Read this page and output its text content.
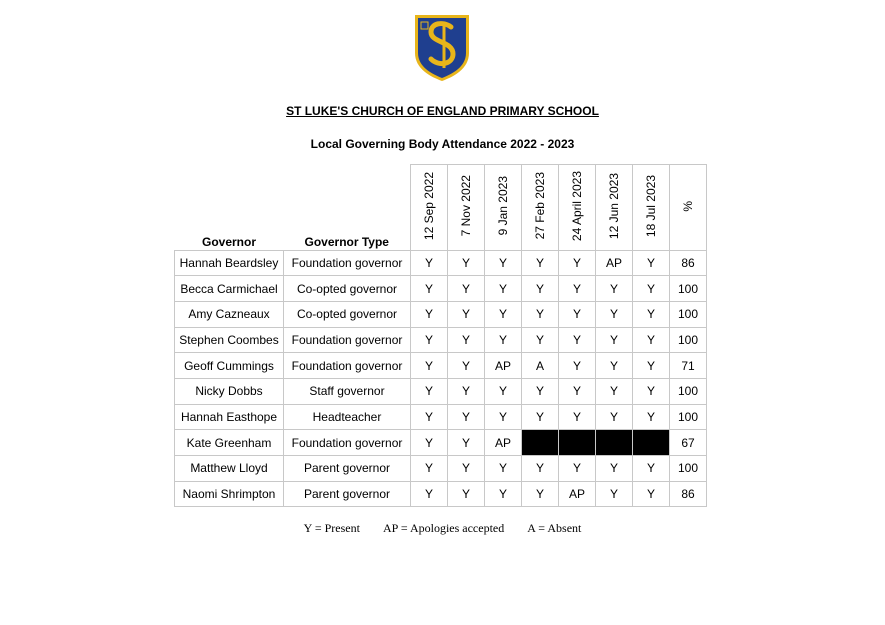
ST LUKE'S CHURCH OF ENGLAND PRIMARY SCHOOL
Local Governing Body Attendance 2022 - 2023
Governor	Governor Type	12 Sep 2022	7 Nov 2022	9 Jan 2023	27 Feb 2023	24 April 2023	12 Jun 2023	18 Jul 2023	%
Hannah Beardsley	Foundation governor	Y	Y	Y	Y	Y	AP	Y	86
Becca Carmichael	Co-opted governor	Y	Y	Y	Y	Y	Y	Y	100
Amy Cazneaux	Co-opted governor	Y	Y	Y	Y	Y	Y	Y	100
Stephen Coombes	Foundation governor	Y	Y	Y	Y	Y	Y	Y	100
Geoff Cummings	Foundation governor	Y	Y	AP	A	Y	Y	Y	71
Nicky Dobbs	Staff governor	Y	Y	Y	Y	Y	Y	Y	100
Hannah Easthope	Headteacher	Y	Y	Y	Y	Y	Y	Y	100
Kate Greenham	Foundation governor	Y	Y	AP					67
Matthew Lloyd	Parent governor	Y	Y	Y	Y	Y	Y	Y	100
Naomi Shrimpton	Parent governor	Y	Y	Y	Y	AP	Y	Y	86
Y = Present AP = Apologies accepted A = Absent
